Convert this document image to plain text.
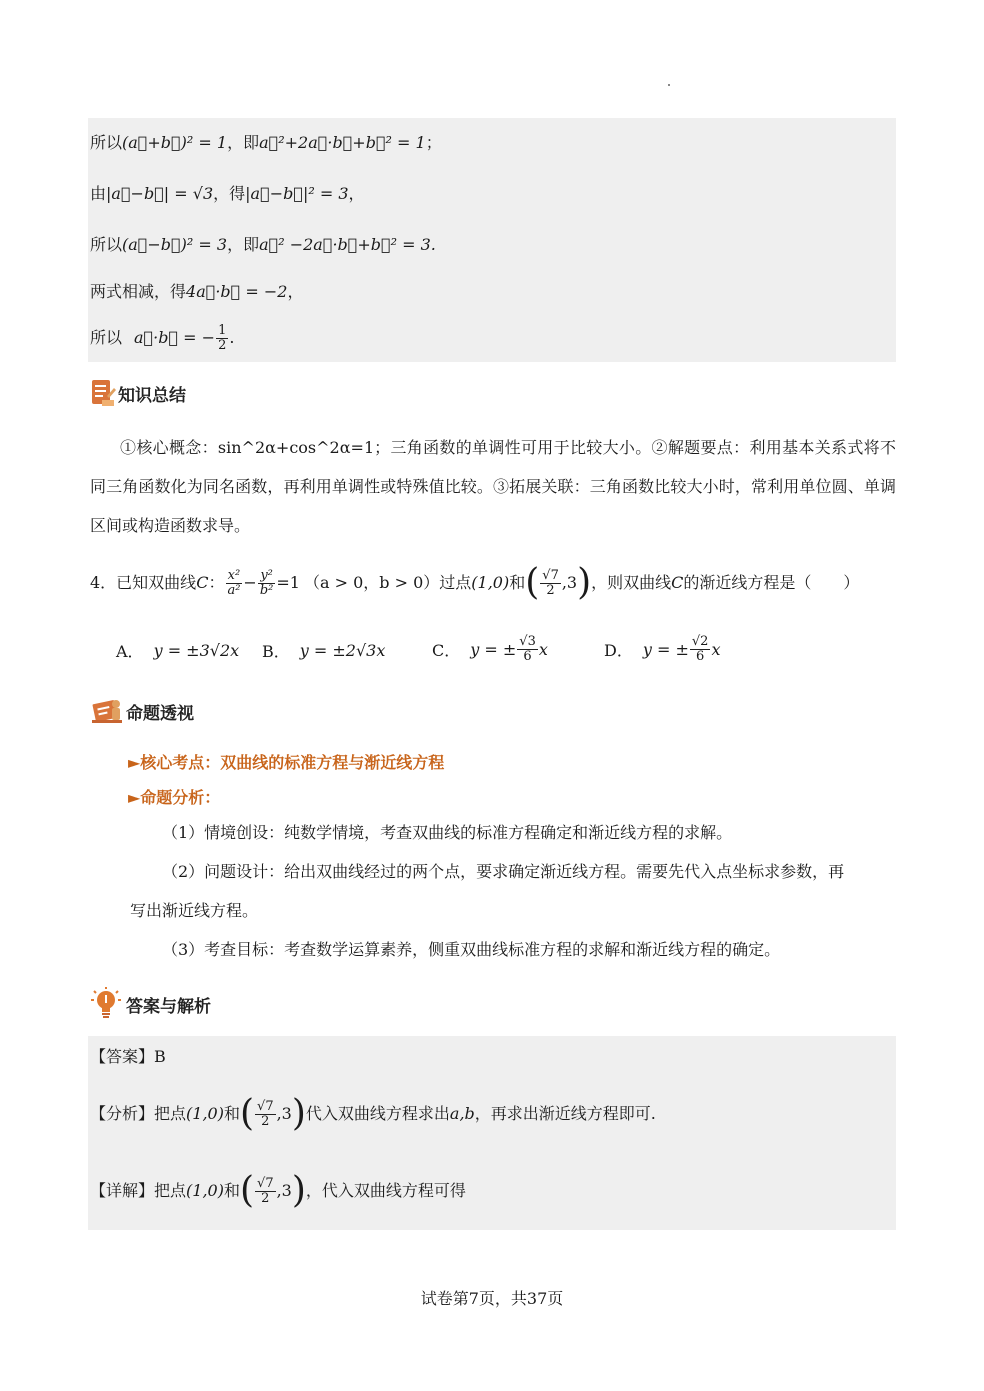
所以(a⃗+b⃗)² = 1，即a⃗²+2a⃗·b⃗+b⃗² = 1；
由|a⃗−b⃗| = √3，得|a⃗−b⃗|² = 3，
所以(a⃗−b⃗)² = 3，即a⃗² −2a⃗·b⃗+b⃗² = 3.
两式相减，得4a⃗·b⃗ = −2，
所以 a⃗·b⃗ = − $\frac{1}{2}$ .
知识总结
①核心概念：sin^2α+cos^2α=1；三角函数的单调性可用于比较大小。②解题要点：利用基本关系式将不同三角函数化为同名函数，再利用单调性或特殊值比较。③拓展关联：三角函数比较大小时，常利用单位圆、单调区间或构造函数求导。
4．已知双曲线 C ： $\frac{\text{x²}}{\text{a²}} - \frac{\text{y²}}{\text{b²}} =1$ （a > 0，b > 0）过点 (1,0) 和 ( $\frac{√7}{2} ,3$ ) ，则双曲线 C 的渐近线方程是（　　）
A． y = ±3√2x B． y = ±2√3x	C． y = ± $\frac{√3}{6}$ x	D． y = ± $\frac{√2}{6}$ x
命题透视
►核心考点：双曲线的标准方程与渐近线方程
►命题分析：
（1）情境创设：纯数学情境，考查双曲线的标准方程确定和渐近线方程的求解。
（2）问题设计：给出双曲线经过的两个点，要求确定渐近线方程。需要先代入点坐标求参数，再
写出渐近线方程。
（3）考查目标：考查数学运算素养，侧重双曲线标准方程的求解和渐近线方程的确定。
答案与解析
【答案】B
【分析】 把点 (1,0) 和 ( $\frac{√7}{2} ,3$ ) 代入双曲线方程求出 a,b ，再求出渐近线方程即可.
【详解】 把点 (1,0) 和 ( $\frac{√7}{2} ,3$ ) ，代入双曲线方程可得
试卷第7页，共37页
